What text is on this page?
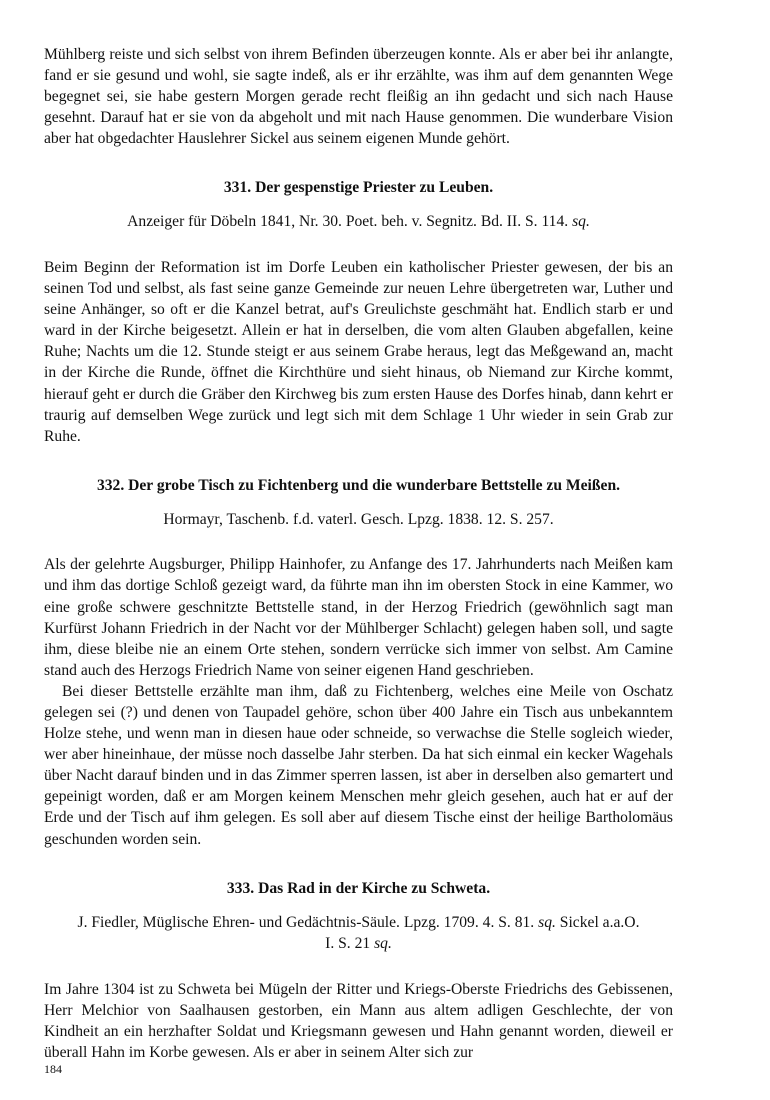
Mühlberg reiste und sich selbst von ihrem Befinden überzeugen konnte. Als er aber bei ihr anlangte, fand er sie gesund und wohl, sie sagte indeß, als er ihr erzählte, was ihm auf dem genannten Wege begegnet sei, sie habe gestern Morgen gerade recht fleißig an ihn gedacht und sich nach Hause gesehnt. Darauf hat er sie von da abgeholt und mit nach Hause genommen. Die wunderbare Vision aber hat obgedachter Hauslehrer Sickel aus seinem eigenen Munde gehört.

331. Der gespenstige Priester zu Leuben.

Anzeiger für Döbeln 1841, Nr. 30. Poet. beh. v. Segnitz. Bd. II. S. 114. sq.

Beim Beginn der Reformation ist im Dorfe Leuben ein katholischer Priester gewesen, der bis an seinen Tod und selbst, als fast seine ganze Gemeinde zur neuen Lehre übergetreten war, Luther und seine Anhänger, so oft er die Kanzel betrat, auf's Greulichste geschmäht hat. Endlich starb er und ward in der Kirche beigesetzt. Allein er hat in derselben, die vom alten Glauben abgefallen, keine Ruhe; Nachts um die 12. Stunde steigt er aus seinem Grabe heraus, legt das Meßgewand an, macht in der Kirche die Runde, öffnet die Kirchthüre und sieht hinaus, ob Niemand zur Kirche kommt, hierauf geht er durch die Gräber den Kirchweg bis zum ersten Hause des Dorfes hinab, dann kehrt er traurig auf demselben Wege zurück und legt sich mit dem Schlage 1 Uhr wieder in sein Grab zur Ruhe.

332. Der grobe Tisch zu Fichtenberg und die wunderbare Bettstelle zu Meißen.

Hormayr, Taschenb. f.d. vaterl. Gesch. Lpzg. 1838. 12. S. 257.

Als der gelehrte Augsburger, Philipp Hainhofer, zu Anfange des 17. Jahrhunderts nach Meißen kam und ihm das dortige Schloß gezeigt ward, da führte man ihn im obersten Stock in eine Kammer, wo eine große schwere geschnitzte Bettstelle stand, in der Herzog Friedrich (gewöhnlich sagt man Kurfürst Johann Friedrich in der Nacht vor der Mühlberger Schlacht) gelegen haben soll, und sagte ihm, diese bleibe nie an einem Orte stehen, sondern verrücke sich immer von selbst. Am Camine stand auch des Herzogs Friedrich Name von seiner eigenen Hand geschrieben.

Bei dieser Bettstelle erzählte man ihm, daß zu Fichtenberg, welches eine Meile von Oschatz gelegen sei (?) und denen von Taupadel gehöre, schon über 400 Jahre ein Tisch aus unbekanntem Holze stehe, und wenn man in diesen haue oder schneide, so verwachse die Stelle sogleich wieder, wer aber hineinhaue, der müsse noch dasselbe Jahr sterben. Da hat sich einmal ein kecker Wagehals über Nacht darauf binden und in das Zimmer sperren lassen, ist aber in derselben also gemartert und gepeinigt worden, daß er am Morgen keinem Menschen mehr gleich gesehen, auch hat er auf der Erde und der Tisch auf ihm gelegen. Es soll aber auf diesem Tische einst der heilige Bartholomäus geschunden worden sein.

333. Das Rad in der Kirche zu Schweta.

J. Fiedler, Müglische Ehren- und Gedächtnis-Säule. Lpzg. 1709. 4. S. 81. sq. Sickel a.a.O.
I. S. 21 sq.

Im Jahre 1304 ist zu Schweta bei Mügeln der Ritter und Kriegs-Oberste Friedrichs des Gebissenen, Herr Melchior von Saalhausen gestorben, ein Mann aus altem adligen Geschlechte, der von Kindheit an ein herzhafter Soldat und Kriegsmann gewesen und Hahn genannt worden, dieweil er überall Hahn im Korbe gewesen. Als er aber in seinem Alter sich zur

184
